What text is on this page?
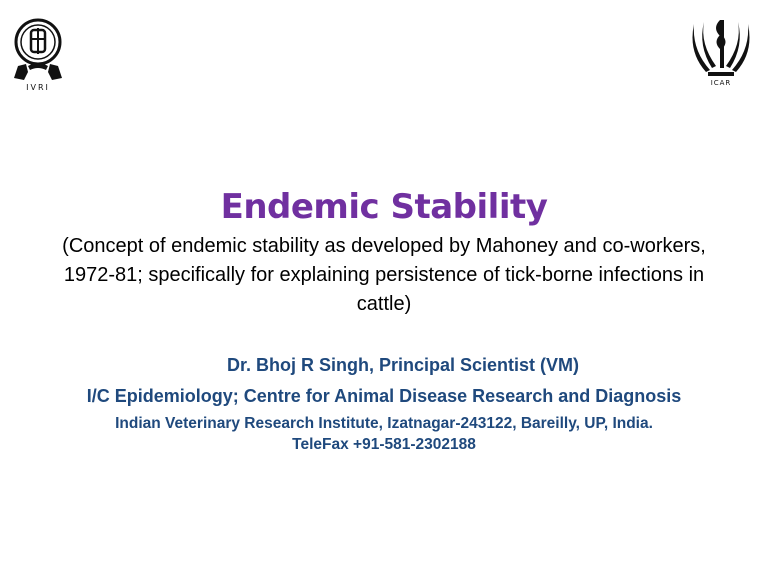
IVRI	ICAR
Endemic Stability
(Concept of endemic stability as developed by Mahoney and co-workers, 1972-81; specifically for explaining persistence of tick-borne infections in cattle)
Dr. Bhoj R Singh, Principal Scientist (VM)
I/C Epidemiology; Centre for Animal Disease Research and Diagnosis
Indian Veterinary Research Institute, Izatnagar-243122, Bareilly, UP, India.
TeleFax +91-581-2302188
